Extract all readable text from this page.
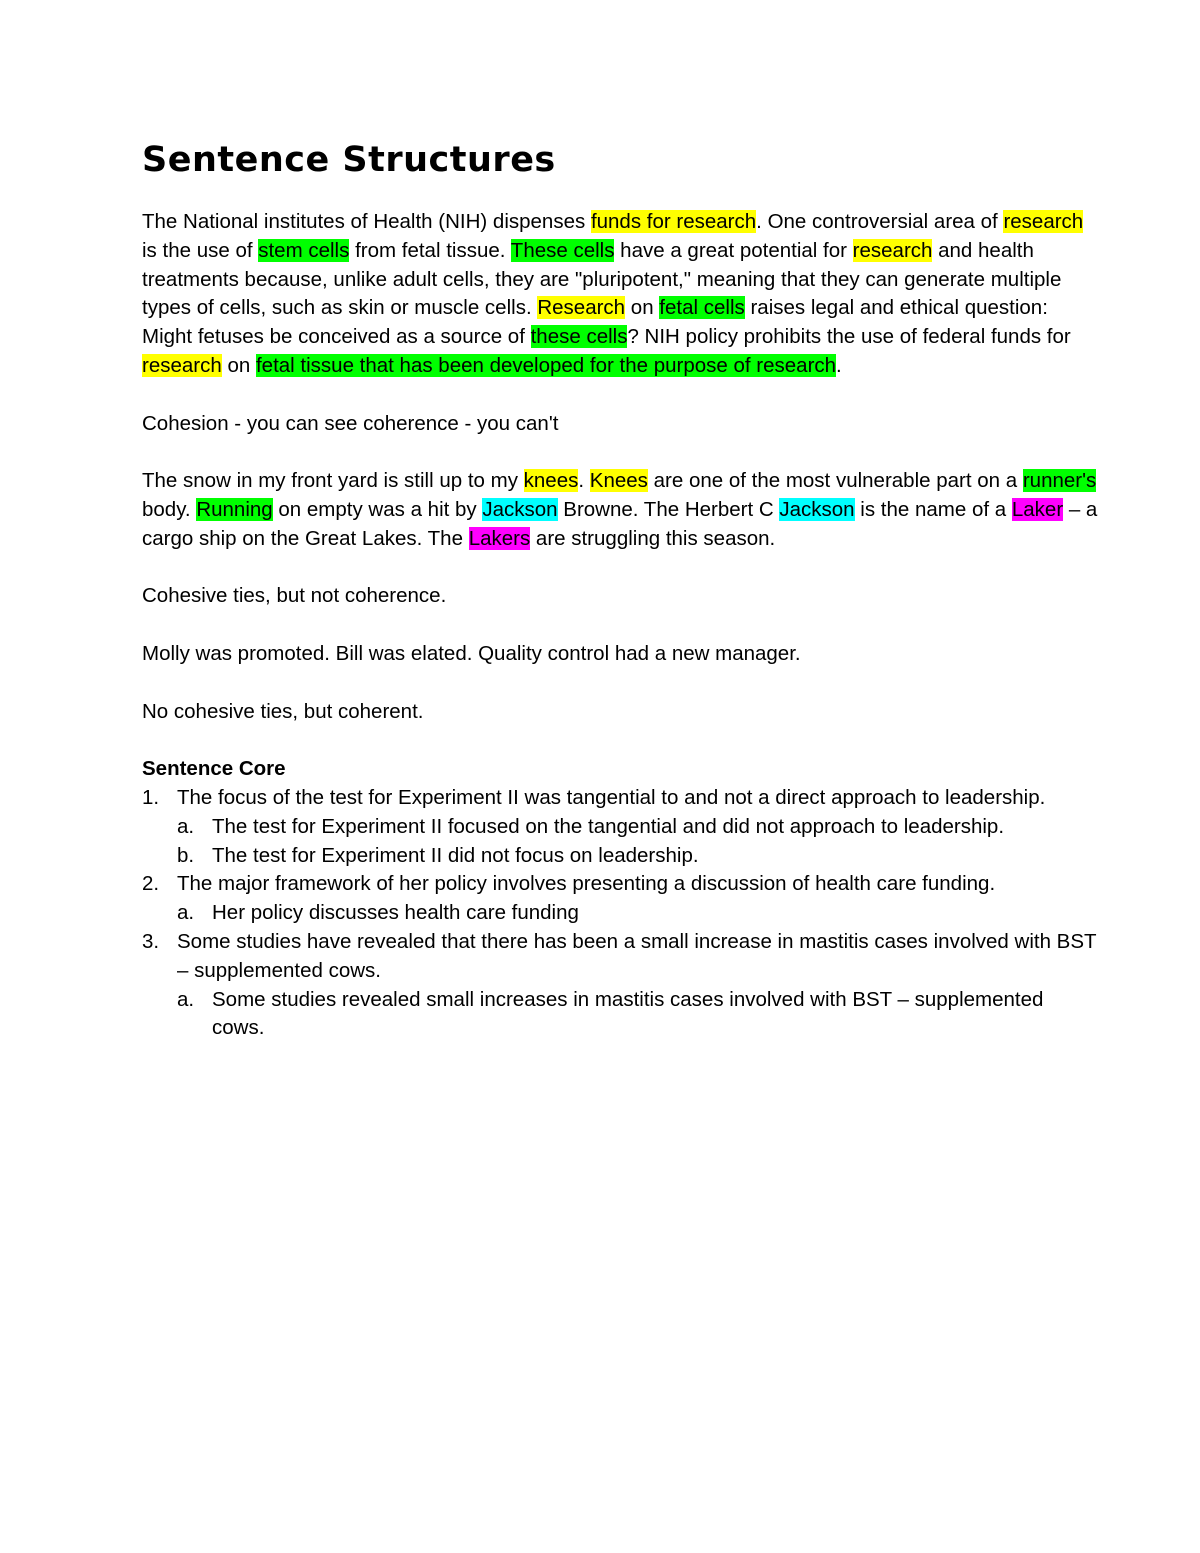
Sentence Structures

The National institutes of Health (NIH) dispenses funds for research. One controversial area of research is the use of stem cells from fetal tissue. These cells have a great potential for research and health treatments because, unlike adult cells, they are "pluripotent," meaning that they can generate multiple types of cells, such as skin or muscle cells. Research on fetal cells raises legal and ethical question: Might fetuses be conceived as a source of these cells? NIH policy prohibits the use of federal funds for research on fetal tissue that has been developed for the purpose of research.

Cohesion - you can see coherence - you can't

The snow in my front yard is still up to my knees. Knees are one of the most vulnerable part on a runner's body. Running on empty was a hit by Jackson Browne. The Herbert C Jackson is the name of a Laker – a cargo ship on the Great Lakes. The Lakers are struggling this season.

Cohesive ties, but not coherence.

Molly was promoted. Bill was elated. Quality control had a new manager.

No cohesive ties, but coherent.

Sentence Core

1. The focus of the test for Experiment II was tangential to and not a direct approach to leadership.
a. The test for Experiment II focused on the tangential and did not approach to leadership.
b. The test for Experiment II did not focus on leadership.
2. The major framework of her policy involves presenting a discussion of health care funding.
a. Her policy discusses health care funding
3. Some studies have revealed that there has been a small increase in mastitis cases involved with BST – supplemented cows.
a. Some studies revealed small increases in mastitis cases involved with BST – supplemented cows.
